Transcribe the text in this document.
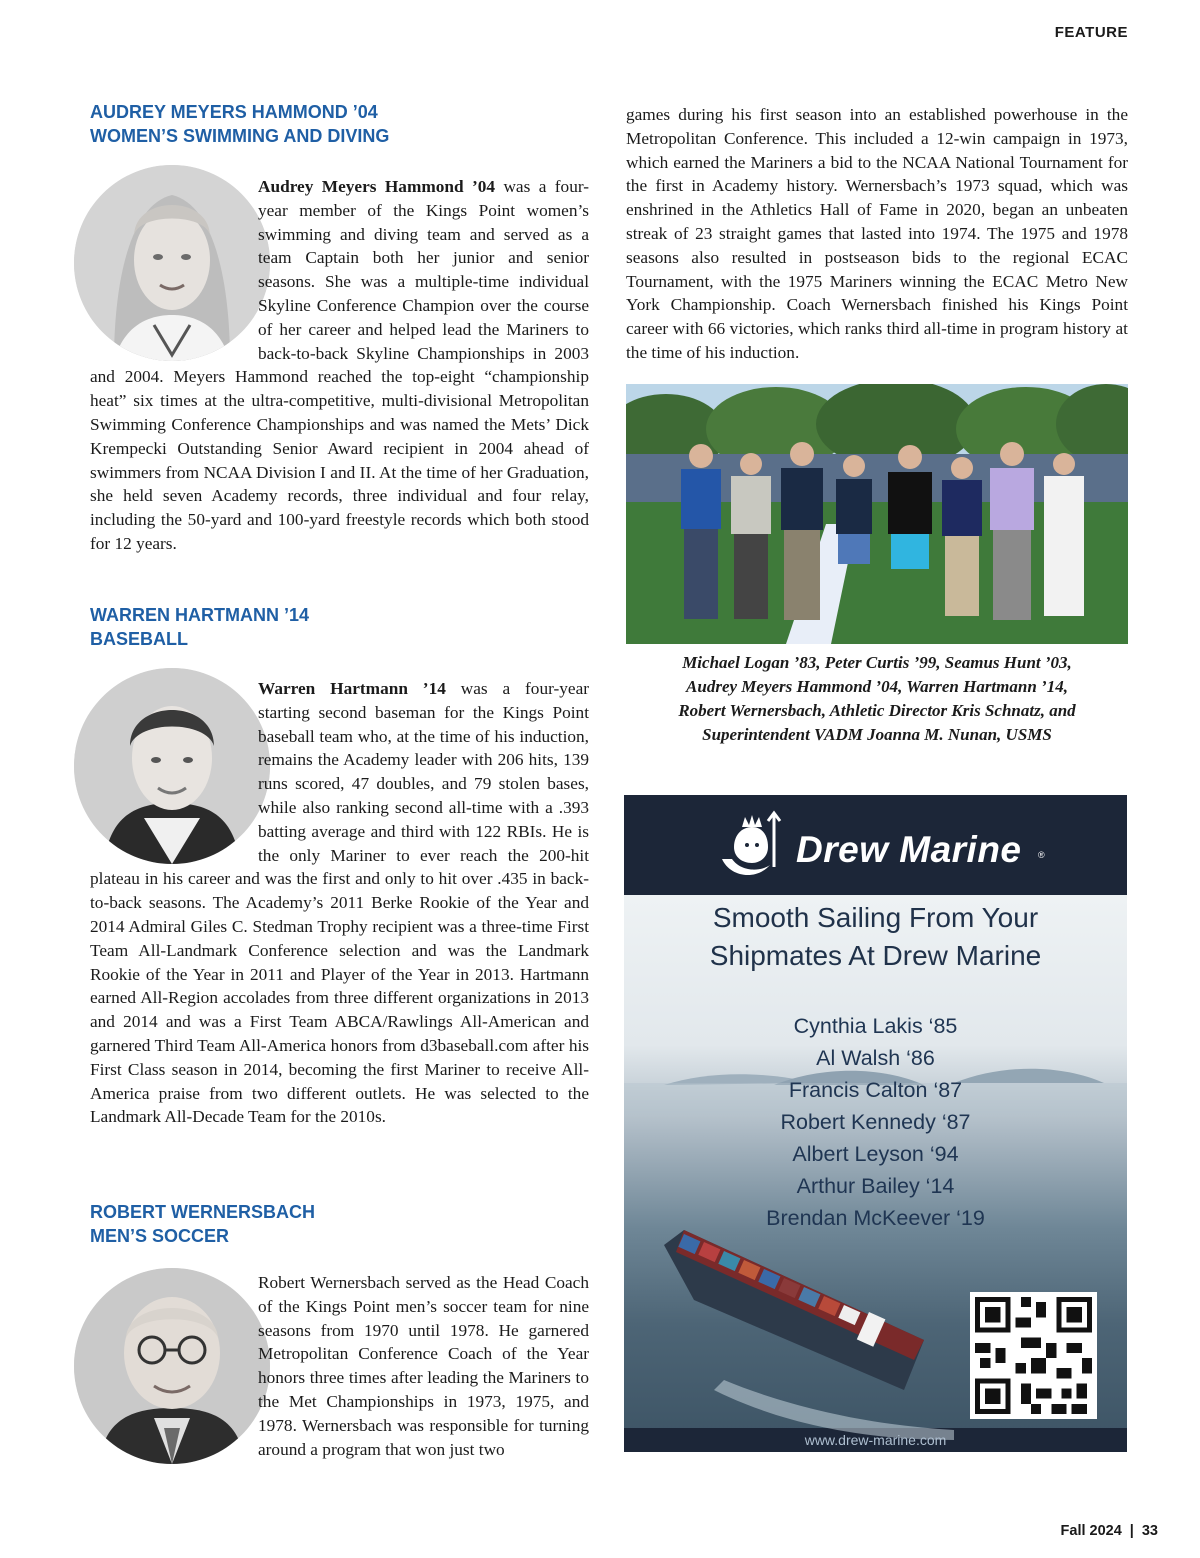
FEATURE
AUDREY MEYERS HAMMOND ’04
WOMEN’S SWIMMING AND DIVING

Audrey Meyers Hammond ’04 was a four-year member of the Kings Point women’s swimming and diving team and served as a team Captain both her junior and senior seasons. She was a multiple-time individual Skyline Conference Champion over the course of her career and helped lead the Mariners to back-to-back Skyline Championships in 2003 and 2004. Meyers Hammond reached the top-eight “championship heat” six times at the ultra-competitive, multi-divisional Metropolitan Swimming Conference Championships and was named the Mets’ Dick Krempecki Outstanding Senior Award recipient in 2004 ahead of swimmers from NCAA Division I and II. At the time of her Graduation, she held seven Academy records, three individual and four relay, including the 50-yard and 100-yard freestyle records which both stood for 12 years.

WARREN HARTMANN ’14
BASEBALL

Warren Hartmann ’14 was a four-year starting second baseman for the Kings Point baseball team who, at the time of his induction, remains the Academy leader with 206 hits, 139 runs scored, 47 doubles, and 79 stolen bases, while also ranking second all-time with a .393 batting average and third with 122 RBIs. He is the only Mariner to ever reach the 200-hit plateau in his career and was the first and only to hit over .435 in back-to-back seasons. The Academy’s 2011 Berke Rookie of the Year and 2014 Admiral Giles C. Stedman Trophy recipient was a three-time First Team All-Landmark Conference selection and was the Landmark Rookie of the Year in 2011 and Player of the Year in 2013. Hartmann earned All-Region accolades from three different organizations in 2013 and 2014 and was a First Team ABCA/Rawlings All-American and garnered Third Team All-America honors from d3baseball.com after his First Class season in 2014, becoming the first Mariner to receive All-America praise from two different outlets. He was selected to the Landmark All-Decade Team for the 2010s.

ROBERT WERNERSBACH
MEN’S SOCCER

Robert Wernersbach served as the Head Coach of the Kings Point men’s soccer team for nine seasons from 1970 until 1978. He garnered Metropolitan Conference Coach of the Year honors three times after leading the Mariners to the Met Championships in 1973, 1975, and 1978. Wernersbach was responsible for turning around a program that won just two

games during his first season into an established powerhouse in the Metropolitan Conference. This included a 12-win campaign in 1973, which earned the Mariners a bid to the NCAA National Tournament for the first in Academy history. Wernersbach’s 1973 squad, which was enshrined in the Athletics Hall of Fame in 2020, began an unbeaten streak of 23 straight games that lasted into 1974. The 1975 and 1978 seasons also resulted in postseason bids to the regional ECAC Tournament, with the 1975 Mariners winning the ECAC Metro New York Championship. Coach Wernersbach finished his Kings Point career with 66 victories, which ranks third all-time in program history at the time of his induction.

Michael Logan ’83, Peter Curtis ’99, Seamus Hunt ’03,
Audrey Meyers Hammond ’04, Warren Hartmann ’14,
Robert Wernersbach, Athletic Director Kris Schnatz, and
Superintendent VADM Joanna M. Nunan, USMS
Drew Marine ®
Smooth Sailing From Your
Shipmates At Drew Marine
Cynthia Lakis ‘85
Al Walsh ‘86
Francis Calton ‘87
Robert Kennedy ‘87
Albert Leyson ‘94
Arthur Bailey ‘14
Brendan McKeever ‘19
www.drew-marine.com
Fall 2024 | 33
